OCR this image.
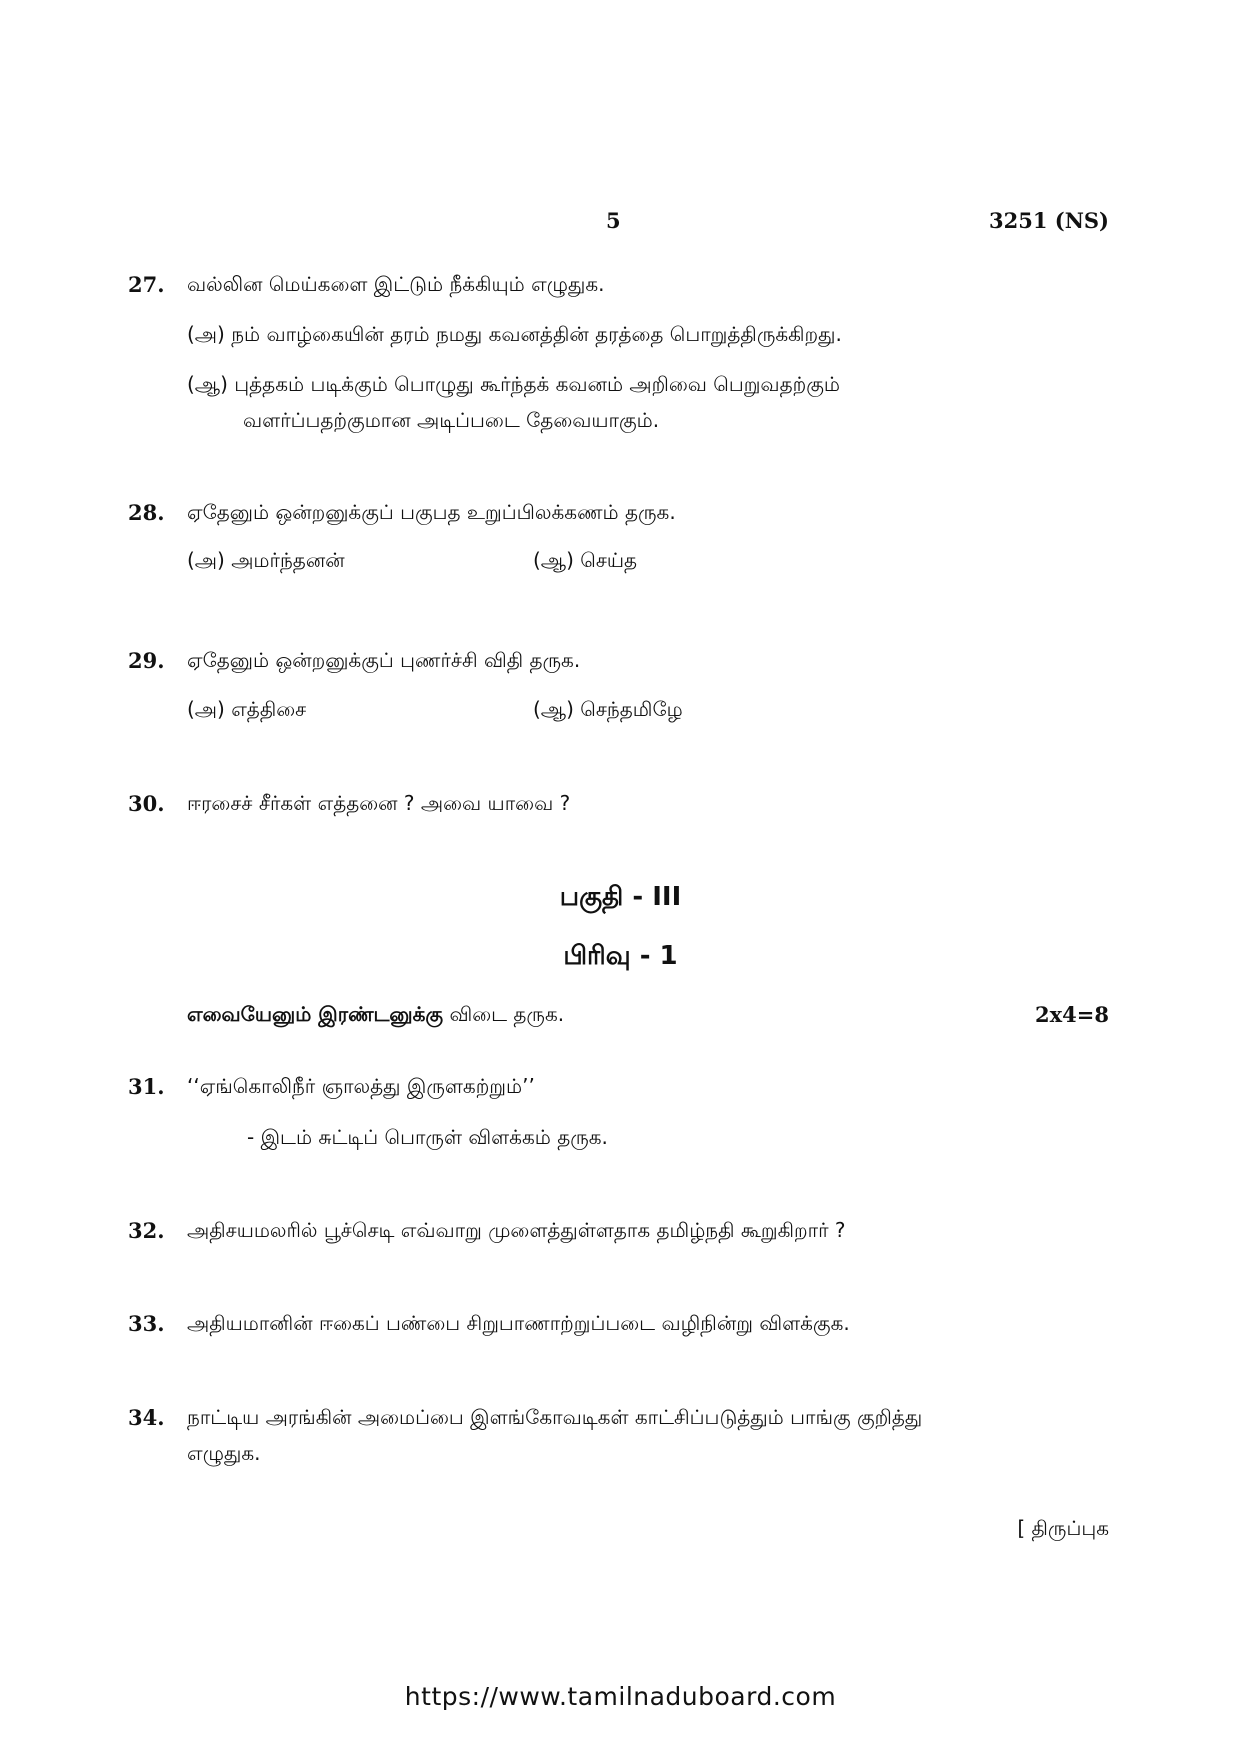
5	3251 (NS)
27. வல்லின மெய்களை இட்டும் நீக்கியும் எழுதுக.
(அ) நம் வாழ்கையின் தரம் நமது கவனத்தின் தரத்தை பொறுத்திருக்கிறது.
(ஆ) புத்தகம் படிக்கும் பொழுது கூர்ந்தக் கவனம் அறிவை பெறுவதற்கும்
வளர்ப்பதற்குமான அடிப்படை தேவையாகும்.
28. ஏதேனும் ஒன்றனுக்குப் பகுபத உறுப்பிலக்கணம் தருக.
(அ) அமர்ந்தனன்	(ஆ) செய்த
29. ஏதேனும் ஒன்றனுக்குப் புணர்ச்சி விதி தருக.
(அ) எத்திசை	(ஆ) செந்தமிழே
30. ஈரசைச் சீர்கள் எத்தனை ? அவை யாவை ?
பகுதி - III
பிரிவு - 1
எவையேனும் இரண்டனுக்கு விடை தருக.	2x4=8
31. ‘‘ஏங்கொலிநீர் ஞாலத்து இருளகற்றும்’’
- இடம் சுட்டிப் பொருள் விளக்கம் தருக.
32. அதிசயமலரில் பூச்செடி எவ்வாறு முளைத்துள்ளதாக தமிழ்நதி கூறுகிறார் ?
33. அதியமானின் ஈகைப் பண்பை சிறுபாணாற்றுப்படை வழிநின்று விளக்குக.
34. நாட்டிய அரங்கின் அமைப்பை இளங்கோவடிகள் காட்சிப்படுத்தும் பாங்கு குறித்து
எழுதுக.
[ திருப்புக
https://www.tamilnaduboard.com
